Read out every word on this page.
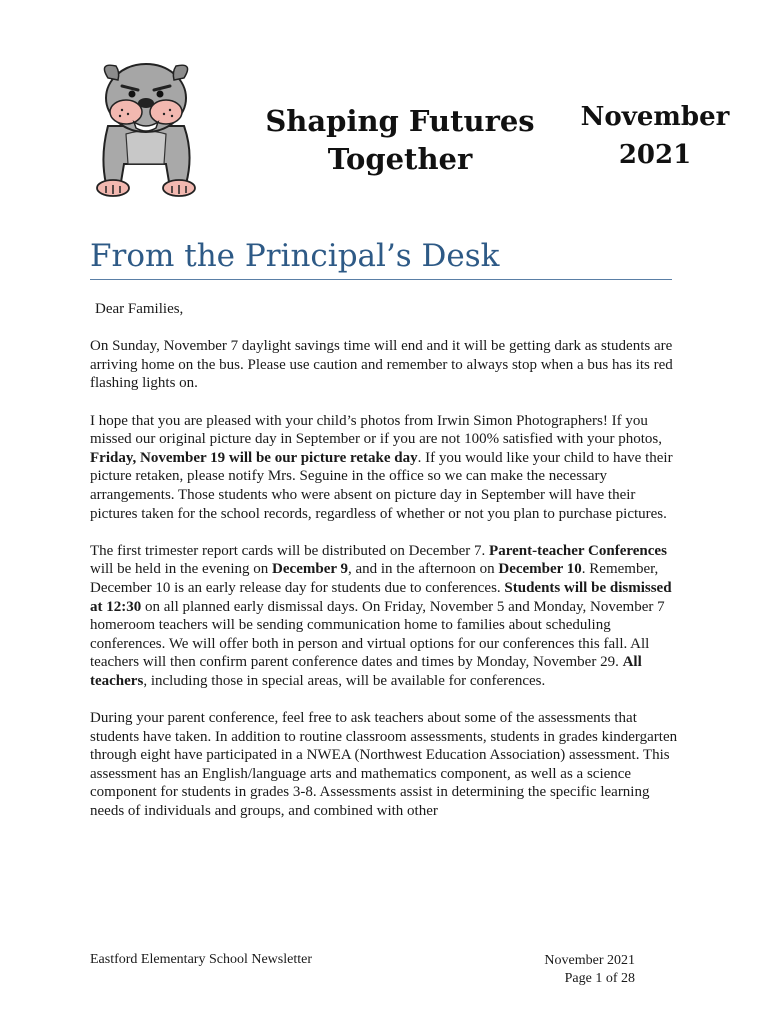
Shaping Futures
Together
November
2021
From the Principal’s Desk

Dear Families,

On Sunday, November 7 daylight savings time will end and it will be getting dark as students are arriving home on the bus. Please use caution and remember to always stop when a bus has its red flashing lights on.

I hope that you are pleased with your child’s photos from Irwin Simon Photographers! If you missed our original picture day in September or if you are not 100% satisfied with your photos, Friday, November 19 will be our picture retake day. If you would like your child to have their picture retaken, please notify Mrs. Seguine in the office so we can make the necessary arrangements. Those students who were absent on picture day in September will have their pictures taken for the school records, regardless of whether or not you plan to purchase pictures.

The first trimester report cards will be distributed on December 7. Parent-teacher Conferences will be held in the evening on December 9, and in the afternoon on December 10. Remember, December 10 is an early release day for students due to conferences. Students will be dismissed at 12:30 on all planned early dismissal days. On Friday, November 5 and Monday, November 7 homeroom teachers will be sending communication home to families about scheduling conferences. We will offer both in person and virtual options for our conferences this fall. All teachers will then confirm parent conference dates and times by Monday, November 29. All teachers, including those in special areas, will be available for conferences.

During your parent conference, feel free to ask teachers about some of the assessments that students have taken. In addition to routine classroom assessments, students in grades kindergarten through eight have participated in a NWEA (Northwest Education Association) assessment. This assessment has an English/language arts and mathematics component, as well as a science component for students in grades 3-8. Assessments assist in determining the specific learning needs of individuals and groups, and combined with other

Eastford Elementary School Newsletter	November 2021
Page 1 of 28
